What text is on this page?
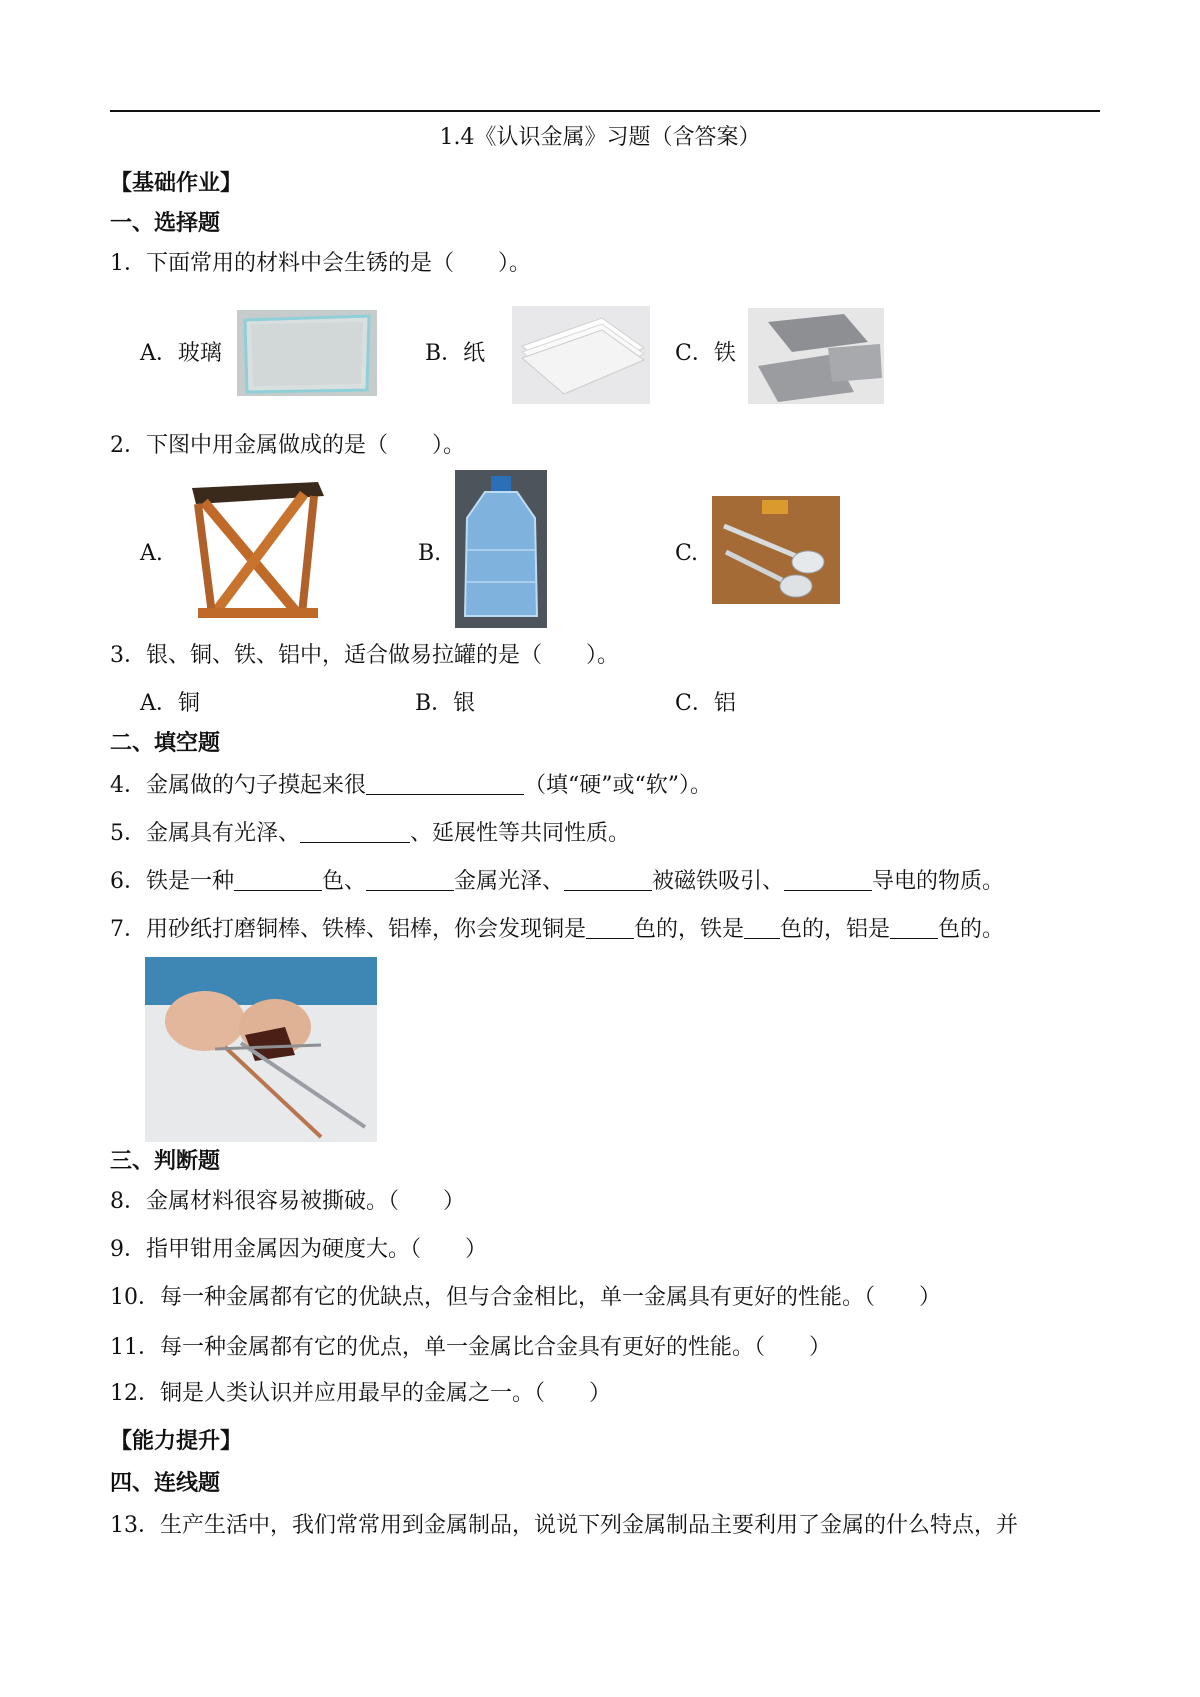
1.4《认识金属》习题（含答案）
【基础作业】
一、选择题
1．下面常用的材料中会生锈的是（　　）。
A．玻璃	B．纸	C．铁
2．下图中用金属做成的是（　　）。
A.	B.	C.
3．银、铜、铁、铝中，适合做易拉罐的是（　　）。
A．铜	B．银	C．铝
二、填空题
4．金属做的勺子摸起来很	（填“硬”或“软”）。
5．金属具有光泽、	、延展性等共同性质。
6．铁是一种	色、	金属光泽、	被磁铁吸引、	导电的物质。
7．用砂纸打磨铜棒、铁棒、铝棒，你会发现铜是 色的，铁是 色的，铝是 色的。
三、判断题
8．金属材料很容易被撕破。（　　）
9．指甲钳用金属因为硬度大。（　　）
10．每一种金属都有它的优缺点，但与合金相比，单一金属具有更好的性能。（　　）
11．每一种金属都有它的优点，单一金属比合金具有更好的性能。（　　）
12．铜是人类认识并应用最早的金属之一。（　　）
【能力提升】
四、连线题
13．生产生活中，我们常常用到金属制品，说说下列金属制品主要利用了金属的什么特点，并
